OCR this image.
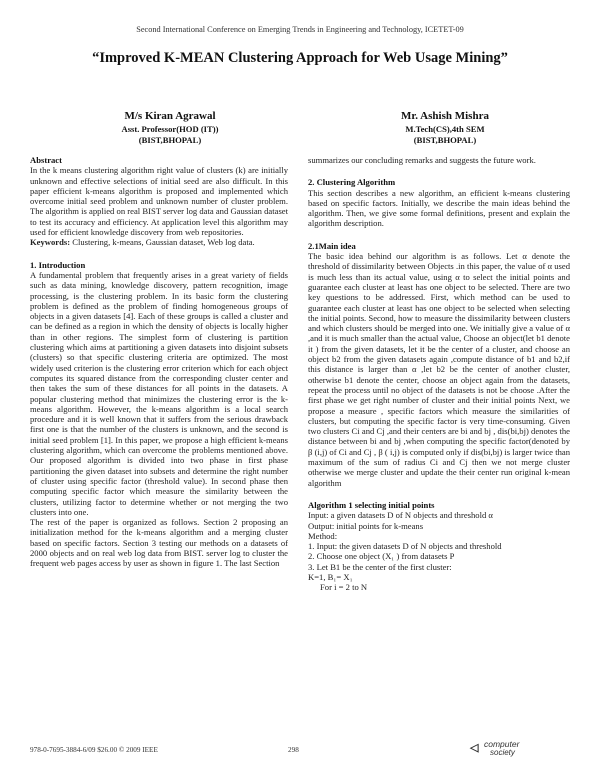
Second International Conference on Emerging Trends in Engineering and Technology, ICETET-09
“Improved K-MEAN Clustering Approach for Web Usage Mining”
M/s Kiran Agrawal
Asst. Professor(HOD (IT))
(BIST,BHOPAL)
Mr. Ashish Mishra
M.Tech(CS),4th SEM
(BIST,BHOPAL)

Abstract

In the k means clustering algorithm right value of clusters (k) are initially unknown and effective selections of initial seed are also difficult. In this paper efficient k-means algorithm is proposed and implemented which overcome initial seed problem and unknown number of cluster problem. The algorithm is applied on real BIST server log data and Gaussian dataset to test its accuracy and efficiency. At application level this algorithm may used for efficient knowledge discovery from web repositories.

Keywords: Clustering, k-means, Gaussian dataset, Web log data.

1. Introduction

A fundamental problem that frequently arises in a great variety of fields such as data mining, knowledge discovery, pattern recognition, image processing, is the clustering problem. In its basic form the clustering problem is defined as the problem of finding homogeneous groups of objects in a given datasets [4]. Each of these groups is called a cluster and can be defined as a region in which the density of objects is locally higher than in other regions. The simplest form of clustering is partition clustering which aims at partitioning a given datasets into disjoint subsets (clusters) so that specific clustering criteria are optimized. The most widely used criterion is the clustering error criterion which for each object computes its squared distance from the corresponding cluster center and then takes the sum of these distances for all points in the datasets. A popular clustering method that minimizes the clustering error is the k-means algorithm. However, the k-means algorithm is a local search procedure and it is well known that it suffers from the serious drawback first one is that the number of the clusters is unknown, and the second is initial seed problem [1]. In this paper, we propose a high efficient k-means clustering algorithm, which can overcome the problems mentioned above. Our proposed algorithm is divided into two phase in first phase partitioning the given dataset into subsets and determine the right number of cluster using specific factor (threshold value). In second phase then computing specific factor which measure the similarity between the clusters, utilizing factor to determine whether or not merging the two clusters into one.

The rest of the paper is organized as follows. Section 2 proposing an initialization method for the k-means algorithm and a merging cluster based on specific factors. Section 3 testing our methods on a datasets of 2000 objects and on real web log data from BIST. server log to cluster the frequent web pages access by user as shown in figure 1. The last Section

summarizes our concluding remarks and suggests the future work.

2. Clustering Algorithm

This section describes a new algorithm, an efficient k-means clustering based on specific factors. Initially, we describe the main ideas behind the algorithm. Then, we give some formal definitions, present and explain the algorithm description.

2.1Main idea

The basic idea behind our algorithm is as follows. Let α denote the threshold of dissimilarity between Objects .in this paper, the value of α used is much less than its actual value, using α to select the initial points and guarantee each cluster at least has one object to be selected. There are two key questions to be addressed. First, which method can be used to guarantee each cluster at least has one object to be selected when selecting the initial points. Second, how to measure the dissimilarity between clusters and which clusters should be merged into one. We initially give a value of α ,and it is much smaller than the actual value, Choose an object(let b1 denote it ) from the given datasets, let it be the center of a cluster, and choose an object b2 from the given datasets again ,compute distance of b1 and b2,if this distance is larger than α ,let b2 be the center of another cluster, otherwise b1 denote the center, choose an object again from the datasets, repeat the process until no object of the datasets is not be choose .After the first phase we get right number of cluster and their initial points Next, we propose a measure , specific factors which measure the similarities of clusters, but computing the specific factor is very time-consuming. Given two clusters Ci and Cj ,and their centers are bi and bj , dis(bi,bj) denotes the distance between bi and bj ,when computing the specific factor(denoted by β (i,j) of Ci and Cj , β ( i,j) is computed only if dis(bi,bj) is larger twice than maximum of the sum of radius Ci and Cj then we not merge cluster otherwise we merge cluster and update the their center run original k-mean algorithm

Algorithm 1 selecting initial points

Input: a given datasets D of N objects and threshold α

Output: initial points for k-means

Method:

1. Input: the given datasets D of N objects and threshold

2. Choose one object (X₁ ) from datasets P

3. Let B1 be the center of the first cluster:

K=1, B₁= X₁

For i = 2 to N

978-0-7695-3884-6/09 $26.00 © 2009 IEEE	298	◁ computer
society
